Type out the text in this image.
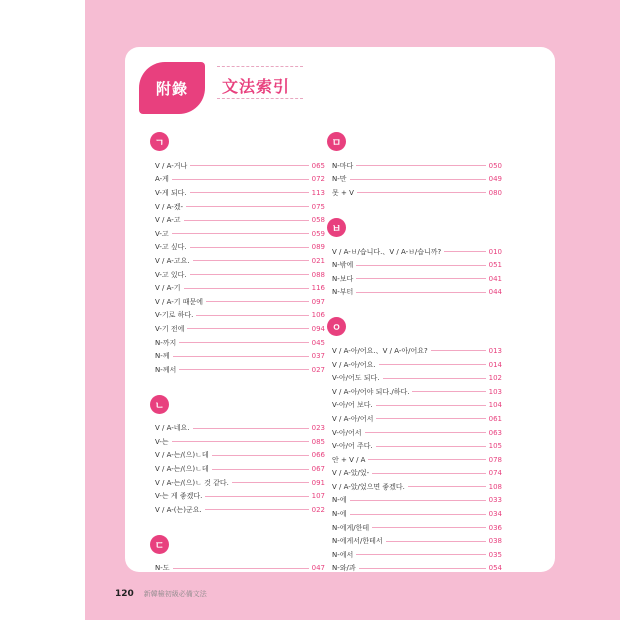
附錄	文法索引
ㄱ
V / A-거나	065
A-게	072
V-게 되다.	113
V / A-겠-	075
V / A-고	058
V-고	059
V-고 싶다.	089
V / A-고요.	021
V-고 있다.	088
V / A-기	116
V / A-기 때문에	097
V-기로 하다.	106
V-기 전에	094
N-까지	045
N-께	037
N-께서	027
ㄴ
V / A-네요.	023
V-는	085
V / A-는/(으)ㄴ데	066
V / A-는/(으)ㄴ데	067
V / A-는/(으)ㄴ 것 같다.	091
V-는 게 좋겠다.	107
V / A-(는)군요.	022
ㄷ
N-도	047
ㅁ
N-마다	050
N-만	049
못 + V	080
ㅂ
V / A-ㅂ/습니다.、V / A-ㅂ/습니까?	010
N-밖에	051
N-보다	041
N-부터	044
ㅇ
V / A-아/어요.、V / A-아/어요?	013
V / A-아/어요.	014
V-아/어도 되다.	102
V / A-아/어야 되다./하다.	103
V-아/어 보다.	104
V / A-아/어서	061
V-아/어서	063
V-아/어 주다.	105
안 + V / A	078
V / A-았/었-	074
V / A-았/었으면 좋겠다.	108
N-에	033
N-에	034
N-에게/한테	036
N-에게서/한테서	038
N-에서	035
N-와/과	054
120 新韓檢初級必備文法
